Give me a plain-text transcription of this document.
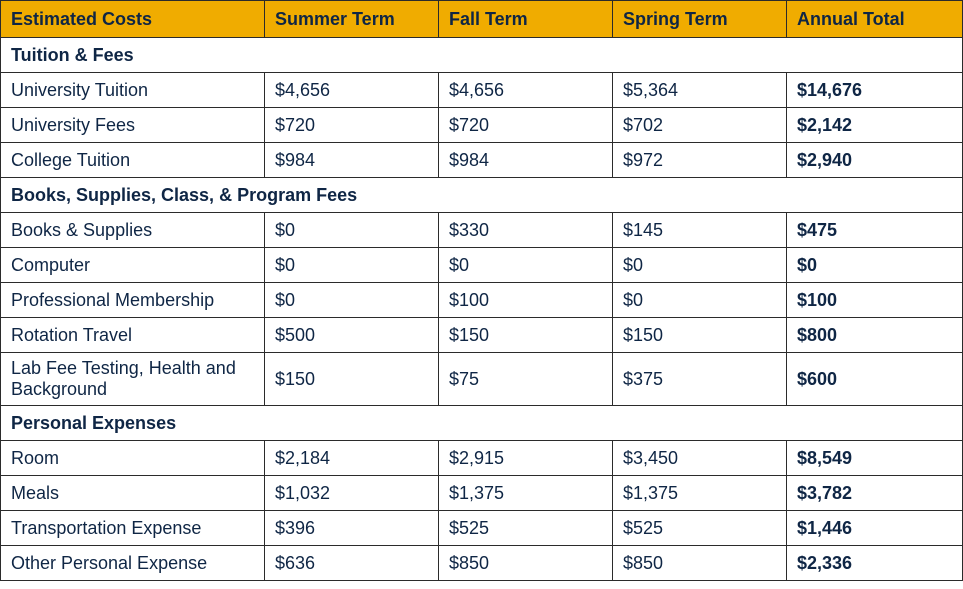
Estimated Costs	Summer Term	Fall Term	Spring Term	Annual Total
Tuition & Fees				
University Tuition	$4,656	$4,656	$5,364	$14,676
University Fees	$720	$720	$702	$2,142
College Tuition	$984	$984	$972	$2,940
Books, Supplies, Class, & Program Fees				
Books & Supplies	$0	$330	$145	$475
Computer	$0	$0	$0	$0
Professional Membership	$0	$100	$0	$100
Rotation Travel	$500	$150	$150	$800
Lab Fee Testing, Health and Background	$150	$75	$375	$600
Personal Expenses				
Room	$2,184	$2,915	$3,450	$8,549
Meals	$1,032	$1,375	$1,375	$3,782
Transportation Expense	$396	$525	$525	$1,446
Other Personal Expense	$636	$850	$850	$2,336
